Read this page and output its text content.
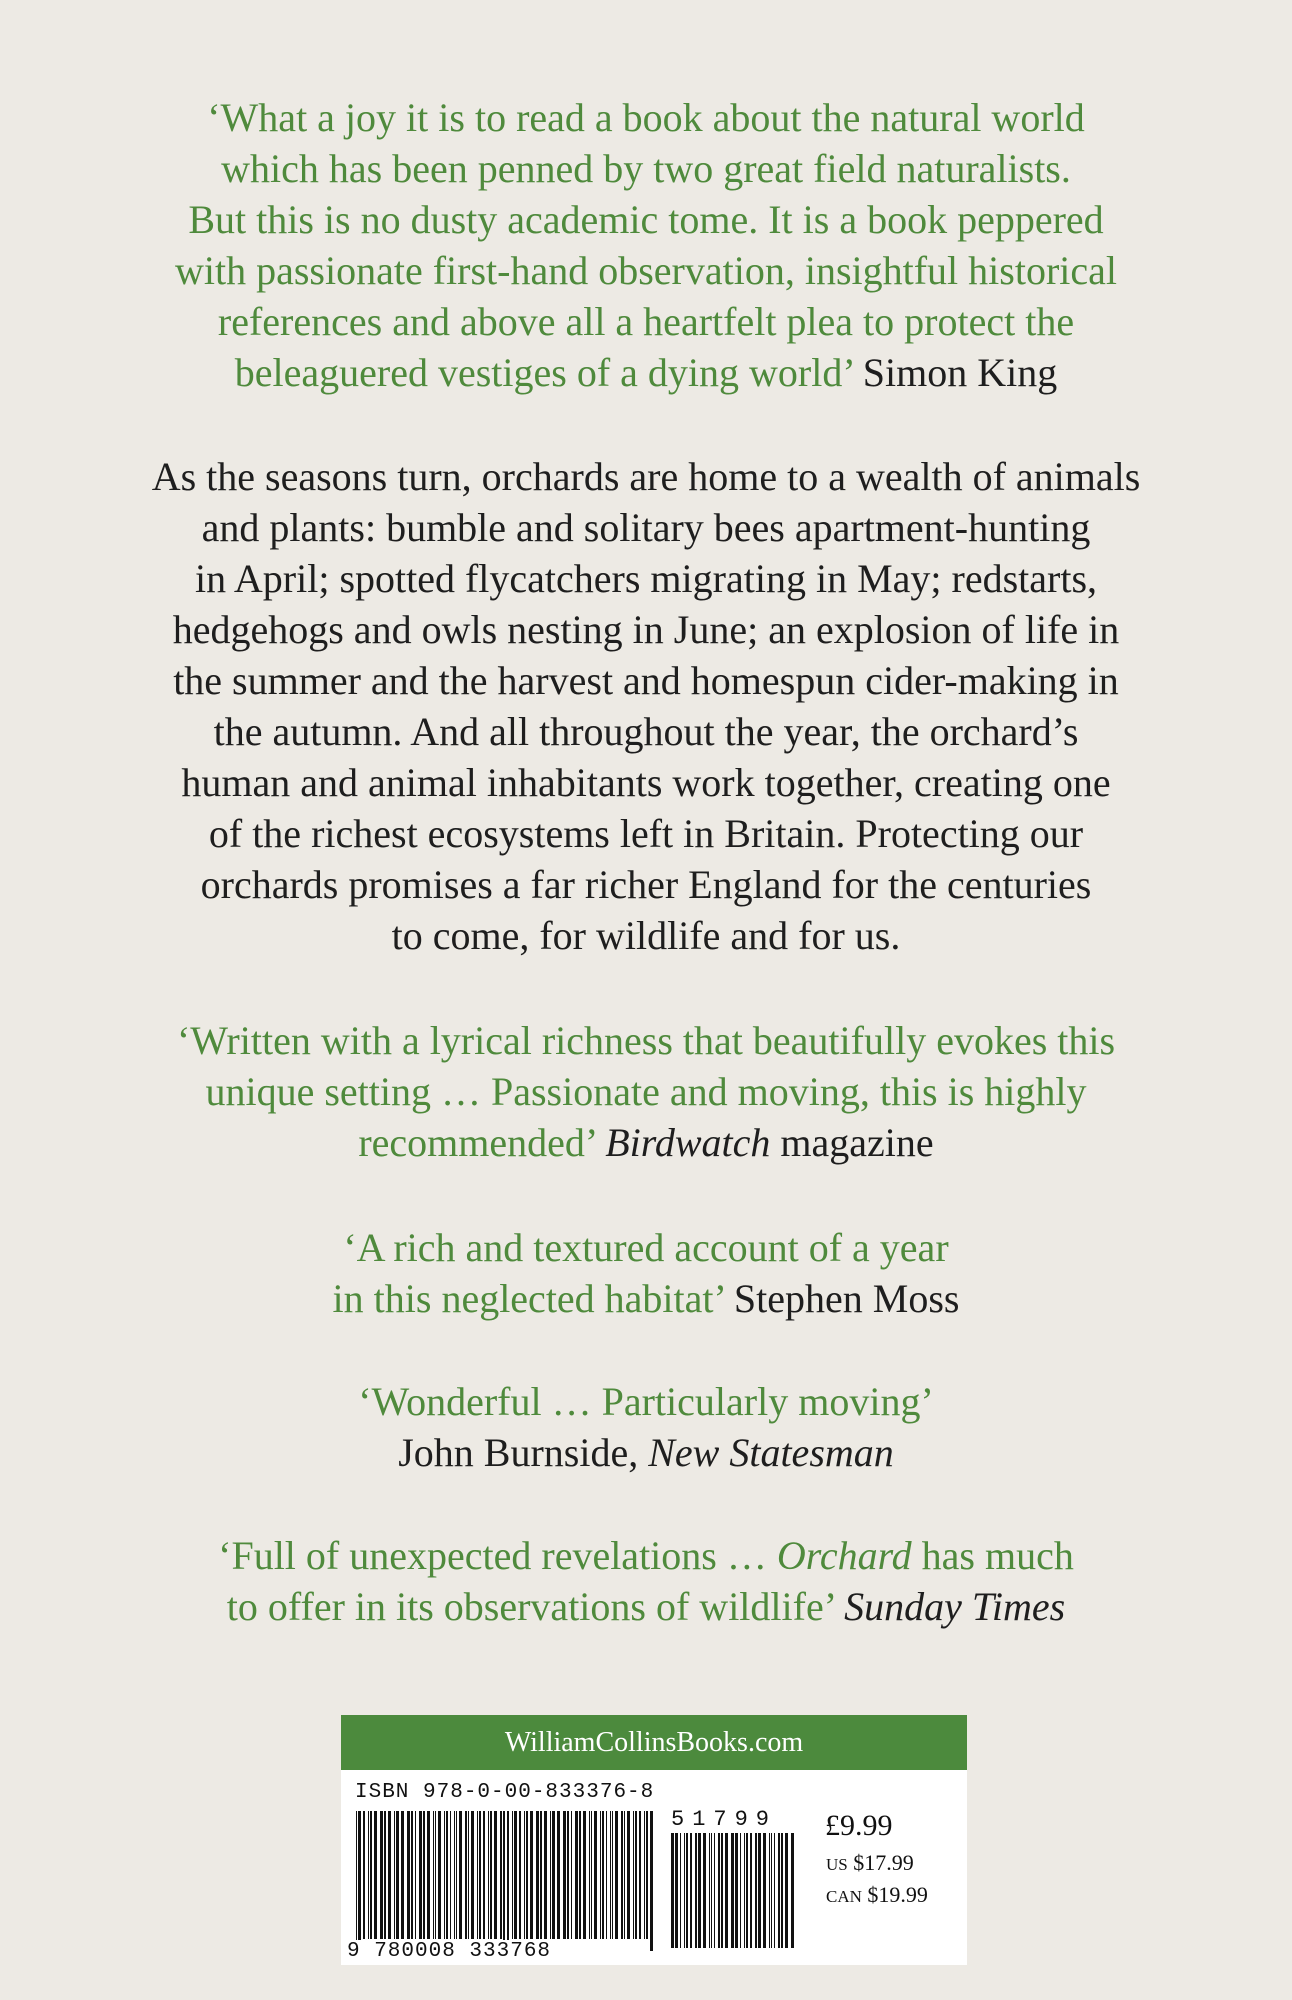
‘What a joy it is to read a book about the natural world
which has been penned by two great field naturalists.
But this is no dusty academic tome. It is a book peppered
with passionate first-hand observation, insightful historical
references and above all a heartfelt plea to protect the
beleaguered vestiges of a dying world’ Simon King
As the seasons turn, orchards are home to a wealth of animals
and plants: bumble and solitary bees apartment-hunting
in April; spotted flycatchers migrating in May; redstarts,
hedgehogs and owls nesting in June; an explosion of life in
the summer and the harvest and homespun cider-making in
the autumn. And all throughout the year, the orchard’s
human and animal inhabitants work together, creating one
of the richest ecosystems left in Britain. Protecting our
orchards promises a far richer England for the centuries
to come, for wildlife and for us.
‘Written with a lyrical richness that beautifully evokes this
unique setting … Passionate and moving, this is highly
recommended’ Birdwatch magazine
‘A rich and textured account of a year
in this neglected habitat’ Stephen Moss
‘Wonderful … Particularly moving’
John Burnside, New Statesman
‘Full of unexpected revelations … Orchard has much
to offer in its observations of wildlife’ Sunday Times
WilliamCollinsBooks.com
ISBN 978-0-00-833376-8
9 780008 333768
51799 £9.99
US $17.99
CAN $19.99
